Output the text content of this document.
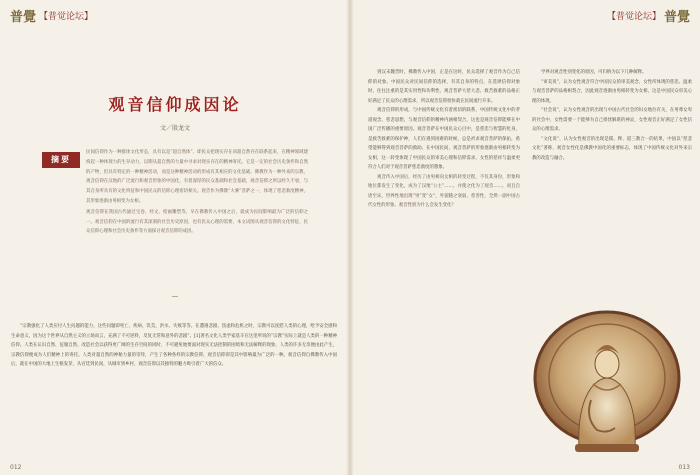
普覺 【普觉论坛】
观音信仰成因论
文／殷龙文
摘要

民间信仰作为一种群体文化形态，具有以是“超自然体”、即民众把现实存在同超自然存在联系起来，在精神领域建构起一种体现力的生存动力，以期从超自然的力量中寻求对现实存在的精神寄托。它是一定的社会历史条件和自然的产物，但具有特定的一种精神活动，而是这种精神活动的形成有其相应的文化基础。佛教作为一种外来的宗教，观音信仰在汉地的广泛流行和观音形象的中国化，有着深厚的民众基础和社会基础，观音信仰之所以经久不衰，与其自身所具有的文化特征和中国民众的信仰心理密切相关。观音作为佛教“大乘”菩萨之一，体现了慈悲救度精神，其形象逐渐由男相变为女相。

观音信仰在我国古代通过宝卷、经文、绘画雕塑等，早在佛教传入中国之后，就成为民间影响最为广泛的信仰之一。观音信仰在中国的流行有其深刻的社会历史原因，也有民众心理的需要，本文试图从观音信仰的文化特征、民众信仰心理和社会历史条件等方面探讨观音信仰的成因。

“宗教强化了人类应付人生问题的能力，这些问题即死亡、疾病、饥荒、洪水、失败等等。在遭遇悲剧、焦虑和危机之时，宗教可以抚慰人类的心理，给予安全感和生命意义，因为这个世界从自然主义的立场而言，充满了不可逆料，反复无常和意外的悲剧”。[1]著名文化人类学家基辛在这里所说的“宗教”实际上就是人类的一种精神信仰。人类在认识自然、征服自然、改造社会以获得更广阔的生存空间的同时，不可避免地要面对现实无法控制的困境和无法解释的现象，人类的许多无奈便由此产生，宗教信仰便成为人们精神上的寄托。人类对超自然的神秘力量的崇拜，产生了各种各样的宗教信仰，观音信仰即是其中影响最为广泛的一种。观音信仰自佛教传入中国后，就在中国的大地上生根发芽，从宫廷到民间，从城市到乡村，观音信仰以其独特的魅力吸引着广大的信众。

012
【普觉论坛】 普覺
013

到汉末魏晋时，佛教传入中国，正是在这时，民众选择了观音作为自己信仰的对象。中国民众对民间信仰的选择，有其自身的特点，在选择信仰对象时，往往注重的是其实用性和功利性，观音菩萨大慈大悲、救苦救难的品格正好满足了民众的心理需求，所以观音信仰很快就在民间流行开来。

观音信仰的形成，与中国传统文化有着密切的联系，中国传统文化中的孝道观念、慈悲思想，与观音信仰的精神内涵相契合，这也是观音信仰能够在中国广泛传播的重要原因。观音菩萨在中国民众心目中，是慈悲与智慧的化身，是救苦救难的保护神，人们在遇到困难的时候，总是祈求观音菩萨的保佑，希望能够得到观音菩萨的救助。在中国民间，观音菩萨的形象逐渐由男相转变为女相，这一转变体现了中国民众的审美心理和信仰需求，女性的慈祥与温柔更符合人们对于观音菩萨慈悲救度的想象。

观音传入中国后，经历了由男相向女相的转变过程，不仅其身份，形象和地位都发生了变化，成为了汉地“公主”……，并使之化为了观音……，而且自唐至宋，世界性地出现“男”变“女”，外貌随之衰弱，慈善性，全然一副中国古代女性的形象。观音性别为什么会发生变化？

学界对观音性别变化的原因，可归纳为以下几种解释。

“审美说”，认为女性观音符合中国民众的审美观念，女性所体现的慈悲、温柔与观音菩萨的品格相契合，因此观音逐渐由男相转变为女相，这是中国民众审美心理的体现。

“社会说”，认为女性观音的出现与中国古代社会的妇女地位有关，在男尊女卑的社会中，女性需要一个能够为自己排忧解难的神灵，女性观音正好满足了女性信众的心理需求。

“文化说”，认为女性观音的出现是儒、释、道三教合一的结果，中国以“慈悲文化”著称，观音女性化是佛教中国化的重要标志，体现了中国传统文化对外来宗教的改造与融合。
